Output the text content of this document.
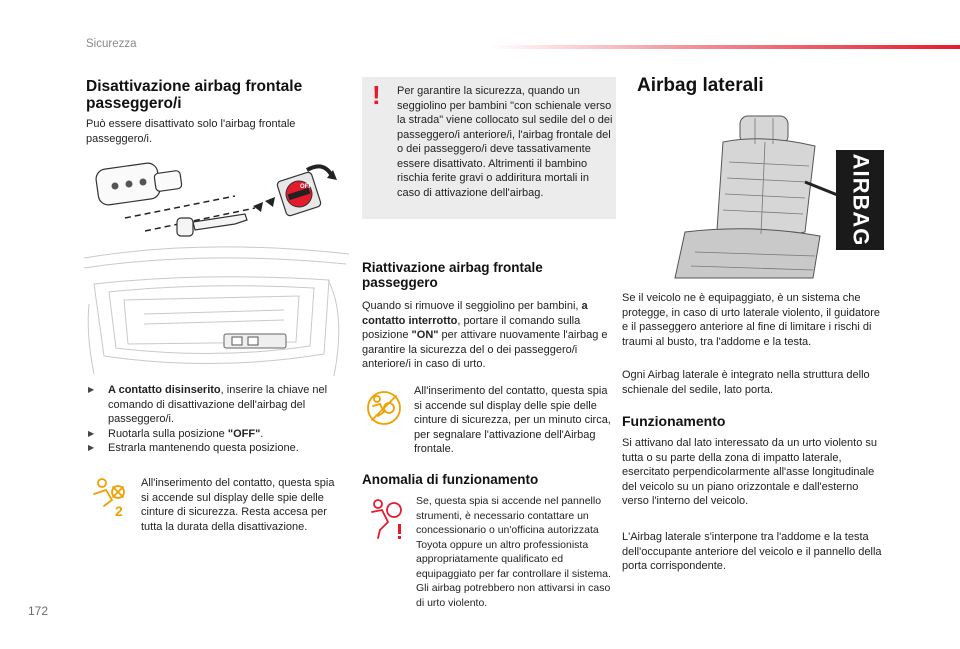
Sicurezza
Disattivazione airbag frontale passeggero/i

Può essere disattivato solo l'airbag frontale passeggero/i.

OFF
▶ A contatto disinserito, inserire la chiave nel comando di disattivazione dell'airbag del passeggero/i.
▶ Ruotarla sulla posizione "OFF".
▶ Estrarla mantenendo questa posizione.
2

All'inserimento del contatto, questa spia si accende sul display delle spie delle cinture di sicurezza. Resta accesa per tutta la durata della disattivazione.

! Per garantire la sicurezza, quando un seggiolino per bambini "con schienale verso la strada" viene collocato sul sedile del o dei passeggero/i anteriore/i, l'airbag frontale del o dei passeggero/i deve tassativamente essere disattivato. Altrimenti il bambino rischia ferite gravi o addiritura mortali in caso di attivazione dell'airbag.

Riattivazione airbag frontale passeggero

Quando si rimuove il seggiolino per bambini, a contatto interrotto, portare il comando sulla posizione "ON" per attivare nuovamente l'airbag e garantire la sicurezza del o dei passeggero/i anteriore/i in caso di urto.

All'inserimento del contatto, questa spia si accende sul display delle spie delle cinture di sicurezza, per un minuto circa, per segnalare l'attivazione dell'Airbag frontale.

Anomalia di funzionamento

Se, questa spia si accende nel pannello strumenti, è necessario contattare un concessionario o un'officina autorizzata Toyota oppure un altro professionista appropriatamente qualificato ed equipaggiato per far controllare il sistema. Gli airbag potrebbero non attivarsi in caso di urto violento.

Airbag laterali
AIRBAG

Se il veicolo ne è equipaggiato, è un sistema che protegge, in caso di urto laterale violento, il guidatore e il passeggero anteriore al fine di limitare i rischi di traumi al busto, tra l'addome e la testa.

Ogni Airbag laterale è integrato nella struttura dello schienale del sedile, lato porta.

Funzionamento

Si attivano dal lato interessato da un urto violento su tutta o su parte della zona di impatto laterale, esercitato perpendicolarmente all'asse longitudinale del veicolo su un piano orizzontale e dall'esterno verso l'interno del veicolo.

L'Airbag laterale s'interpone tra l'addome e la testa dell'occupante anteriore del veicolo e il pannello della porta corrispondente.

172
